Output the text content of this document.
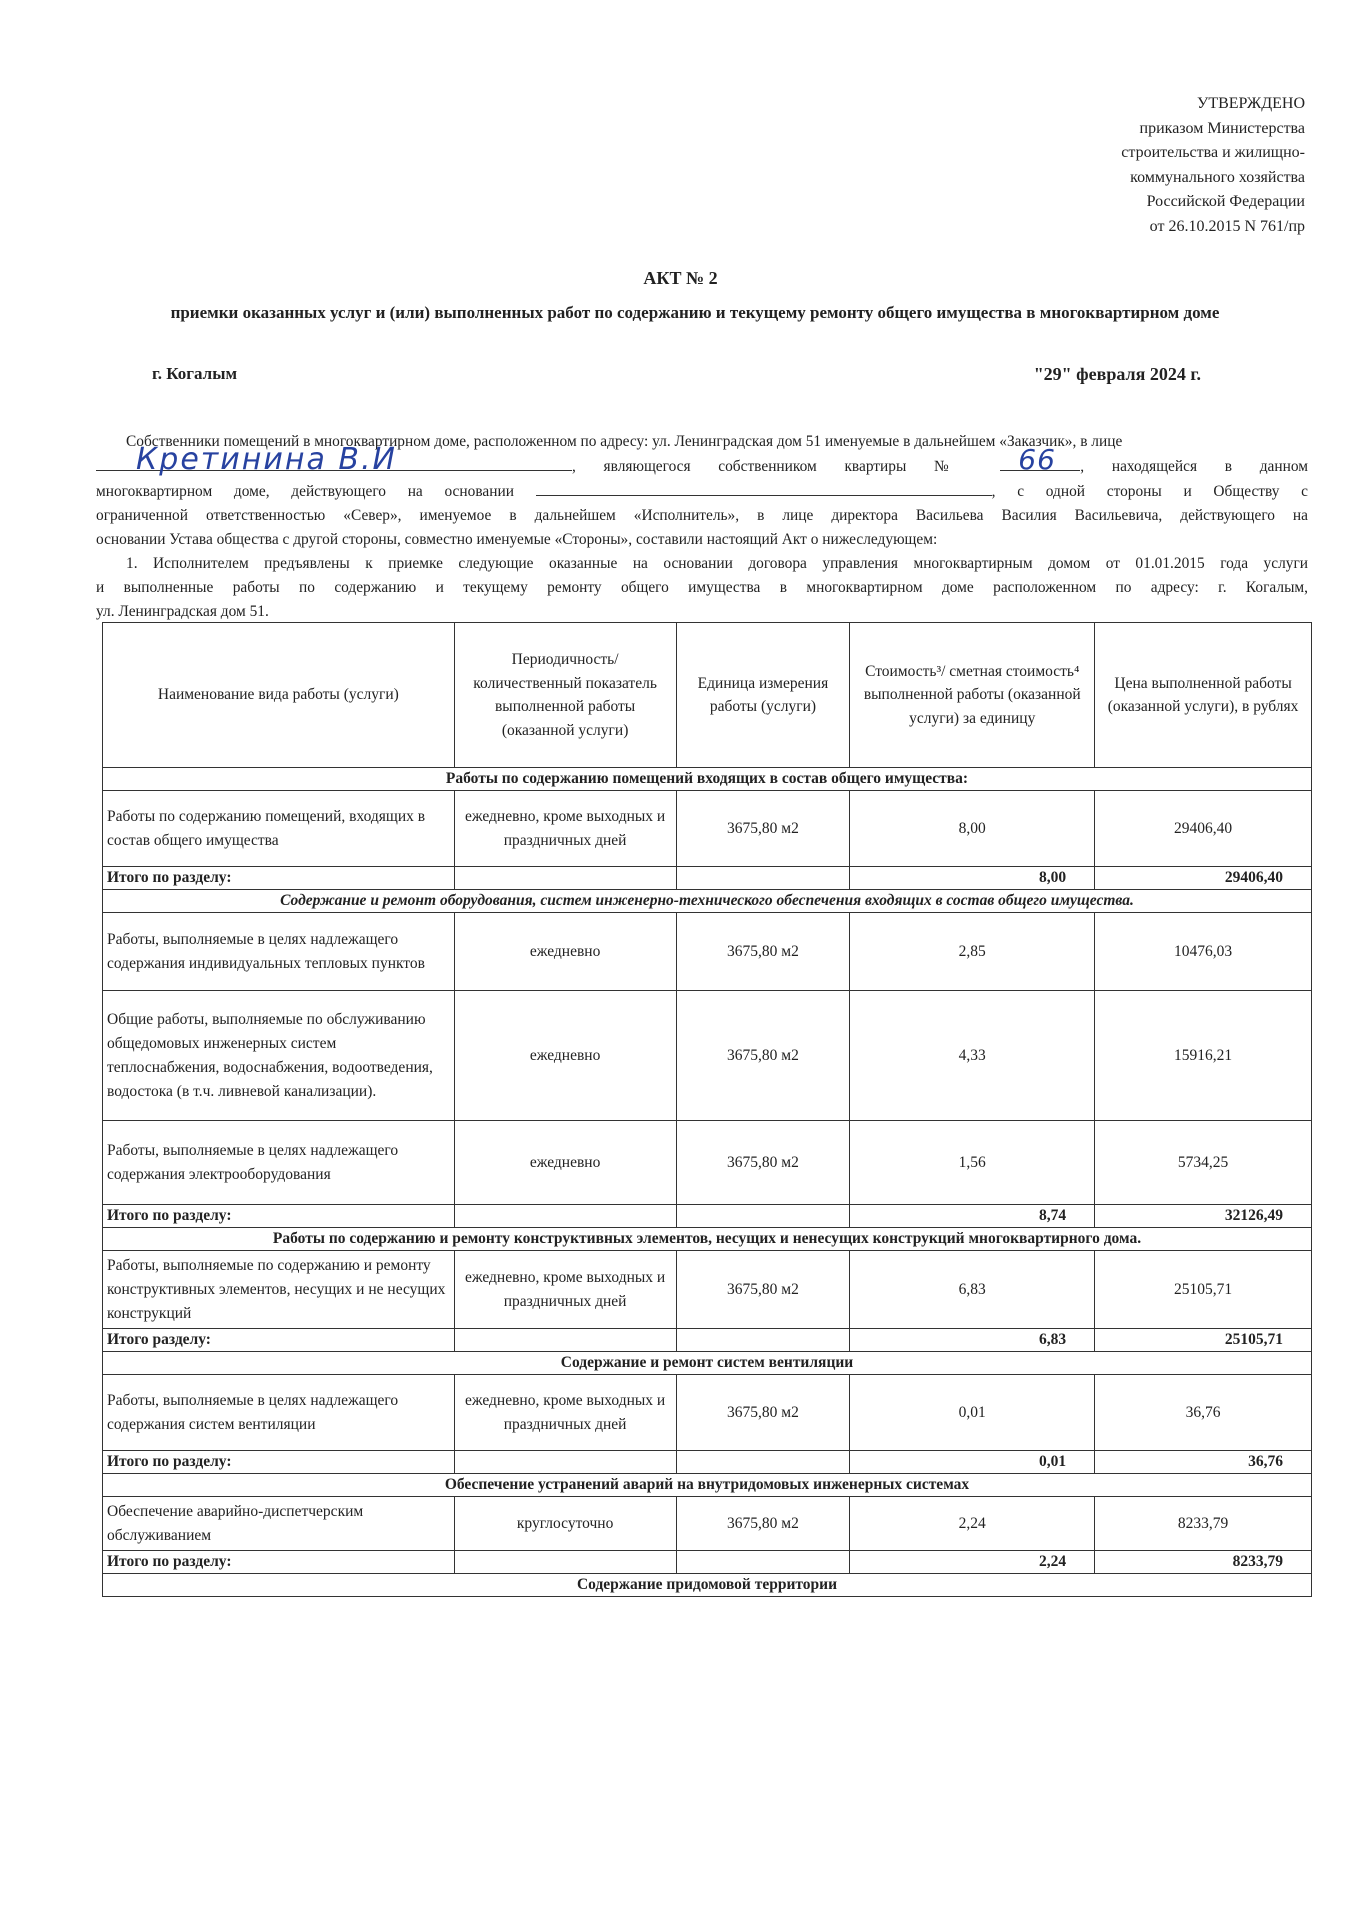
УТВЕРЖДЕНО
приказом Министерства
строительства и жилищно-
коммунального хозяйства
Российской Федерации
от 26.10.2015 N 761/пр
АКТ № 2
приемки оказанных услуг и (или) выполненных работ по содержанию и текущему ремонту общего имущества в многоквартирном доме
г. Когалым	"29" февраля 2024 г.

Собственники помещений в многоквартирном доме, расположенном по адресу: ул. Ленинградская дом 51 именуемые в дальнейшем «Заказчик», в лице

Кретинина В.И	, являющегося собственником квартиры № 66 , находящейся в данном

многоквартирном доме, действующего на основании	, с одной стороны и Обществу с

ограниченной ответственностью «Север», именуемое в дальнейшем «Исполнитель», в лице директора Васильева Василия Васильевича, действующего на

основании Устава общества с другой стороны, совместно именуемые «Стороны», составили настоящий Акт о нижеследующем:

1. Исполнителем предъявлены к приемке следующие оказанные на основании договора управления многоквартирным домом от 01.01.2015 года услуги

и выполненные работы по содержанию и текущему ремонту общего имущества в многоквартирном доме расположенном по адресу: г. Когалым,

ул. Ленинградская дом 51.

Наименование вида работы (услуги)	Периодичность/ количественный показатель выполненной работы (оказанной услуги)	Единица измерения работы (услуги)	Стоимость³/ сметная стоимость⁴ выполненной работы (оказанной услуги) за единицу	Цена выполненной работы (оказанной услуги), в рублях
Работы по содержанию помещений входящих в состав общего имущества:				
Работы по содержанию помещений, входящих в состав общего имущества	ежедневно, кроме выходных и праздничных дней	3675,80 м2	8,00	29406,40
Итого по разделу:			8,00	29406,40
Содержание и ремонт оборудования, систем инженерно-технического обеспечения входящих в состав общего имущества.				
Работы, выполняемые в целях надлежащего содержания индивидуальных тепловых пунктов	ежедневно	3675,80 м2	2,85	10476,03
Общие работы, выполняемые по обслуживанию общедомовых инженерных систем теплоснабжения, водоснабжения, водоотведения, водостока (в т.ч. ливневой канализации).	ежедневно	3675,80 м2	4,33	15916,21
Работы, выполняемые в целях надлежащего содержания электрооборудования	ежедневно	3675,80 м2	1,56	5734,25
Итого по разделу:			8,74	32126,49
Работы по содержанию и ремонту конструктивных элементов, несущих и ненесущих конструкций многоквартирного дома.				
Работы, выполняемые по содержанию и ремонту конструктивных элементов, несущих и не несущих конструкций	ежедневно, кроме выходных и праздничных дней	3675,80 м2	6,83	25105,71
Итого разделу:			6,83	25105,71
Содержание и ремонт систем вентиляции				
Работы, выполняемые в целях надлежащего содержания систем вентиляции	ежедневно, кроме выходных и праздничных дней	3675,80 м2	0,01	36,76
Итого по разделу:			0,01	36,76
Обеспечение устранений аварий на внутридомовых инженерных системах				
Обеспечение аварийно-диспетчерским обслуживанием	круглосуточно	3675,80 м2	2,24	8233,79
Итого по разделу:			2,24	8233,79
Содержание придомовой территории				
